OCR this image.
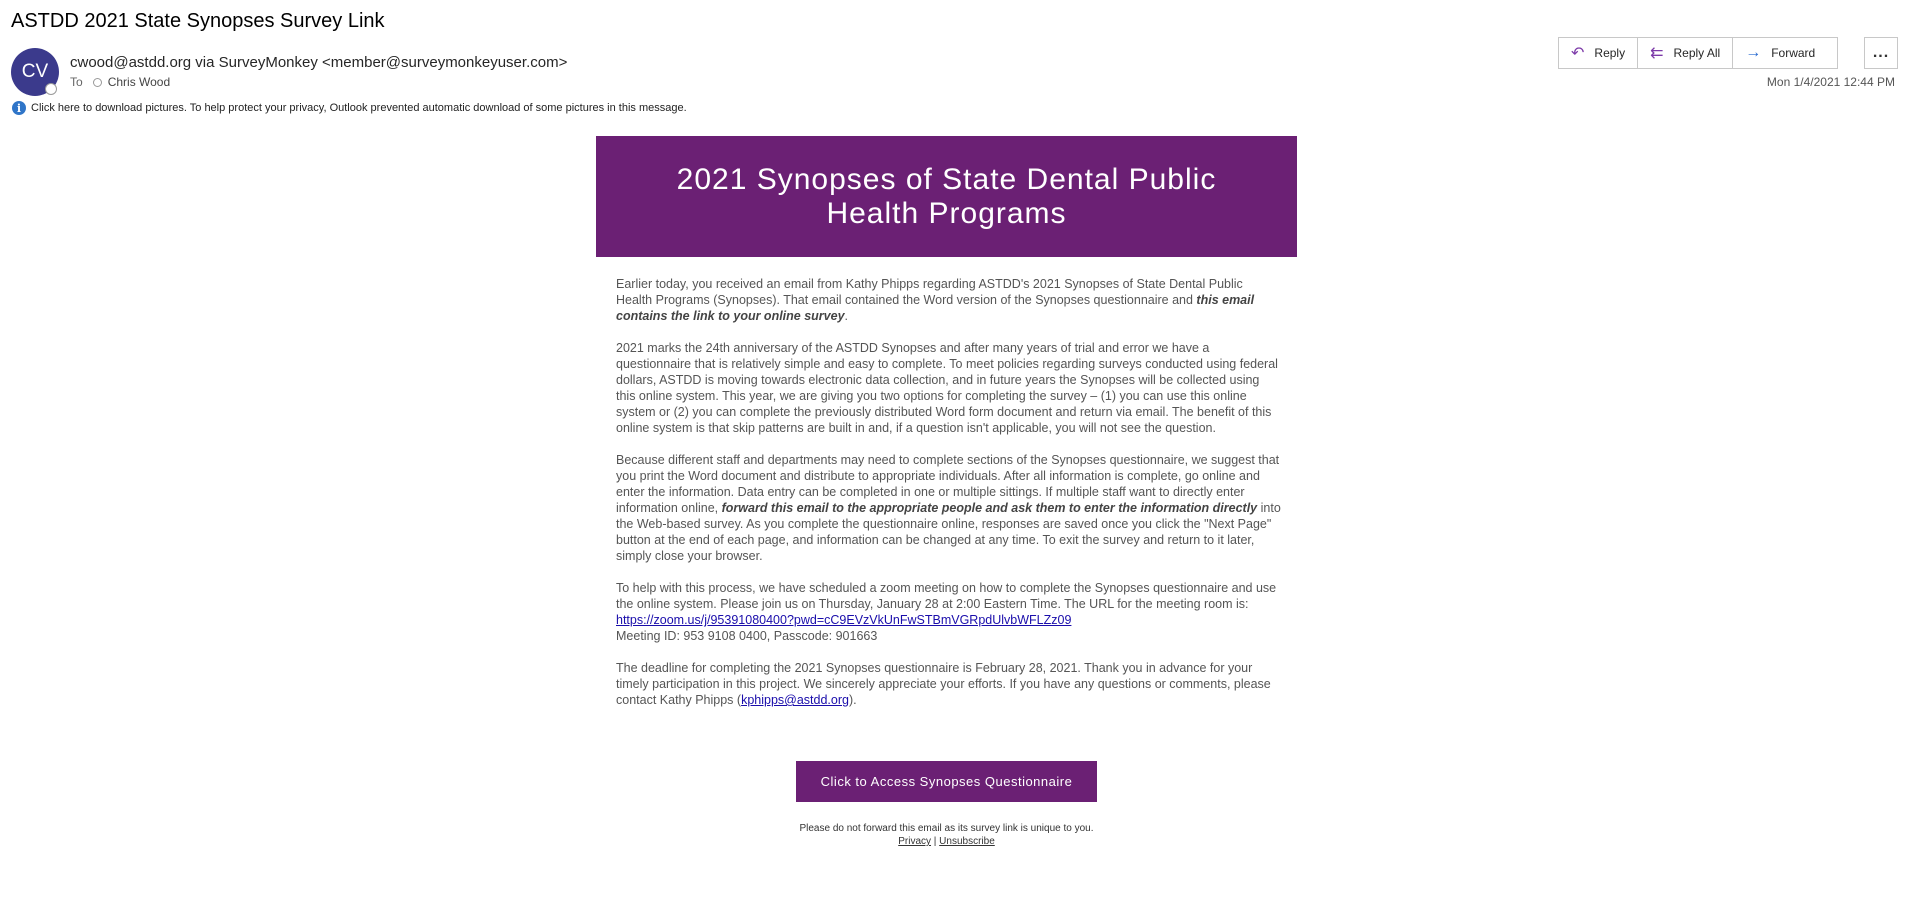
ASTDD 2021 State Synopses Survey Link
CV cwood@astdd.org via SurveyMonkey <member@surveymonkeyuser.com>
To Chris Wood
i Click here to download pictures. To help protect your privacy, Outlook prevented automatic download of some pictures in this message.
↶ Reply ⇇ Reply All → Forward	...
Mon 1/4/2021 12:44 PM
2021 Synopses of State Dental Public Health Programs

Earlier today, you received an email from Kathy Phipps regarding ASTDD's 2021 Synopses of State Dental Public Health Programs (Synopses). That email contained the Word version of the Synopses questionnaire and this email contains the link to your online survey.

2021 marks the 24th anniversary of the ASTDD Synopses and after many years of trial and error we have a questionnaire that is relatively simple and easy to complete. To meet policies regarding surveys conducted using federal dollars, ASTDD is moving towards electronic data collection, and in future years the Synopses will be collected using this online system. This year, we are giving you two options for completing the survey – (1) you can use this online system or (2) you can complete the previously distributed Word form document and return via email. The benefit of this online system is that skip patterns are built in and, if a question isn't applicable, you will not see the question.

Because different staff and departments may need to complete sections of the Synopses questionnaire, we suggest that you print the Word document and distribute to appropriate individuals. After all information is complete, go online and enter the information. Data entry can be completed in one or multiple sittings. If multiple staff want to directly enter information online, forward this email to the appropriate people and ask them to enter the information directly into the Web-based survey. As you complete the questionnaire online, responses are saved once you click the "Next Page" button at the end of each page, and information can be changed at any time. To exit the survey and return to it later, simply close your browser.

To help with this process, we have scheduled a zoom meeting on how to complete the Synopses questionnaire and use the online system. Please join us on Thursday, January 28 at 2:00 Eastern Time. The URL for the meeting room is:
https://zoom.us/j/95391080400?pwd=cC9EVzVkUnFwSTBmVGRpdUlvbWFLZz09
Meeting ID: 953 9108 0400, Passcode: 901663

The deadline for completing the 2021 Synopses questionnaire is February 28, 2021. Thank you in advance for your timely participation in this project. We sincerely appreciate your efforts. If you have any questions or comments, please contact Kathy Phipps (kphipps@astdd.org).

Click to Access Synopses Questionnaire
Please do not forward this email as its survey link is unique to you.
Privacy | Unsubscribe
